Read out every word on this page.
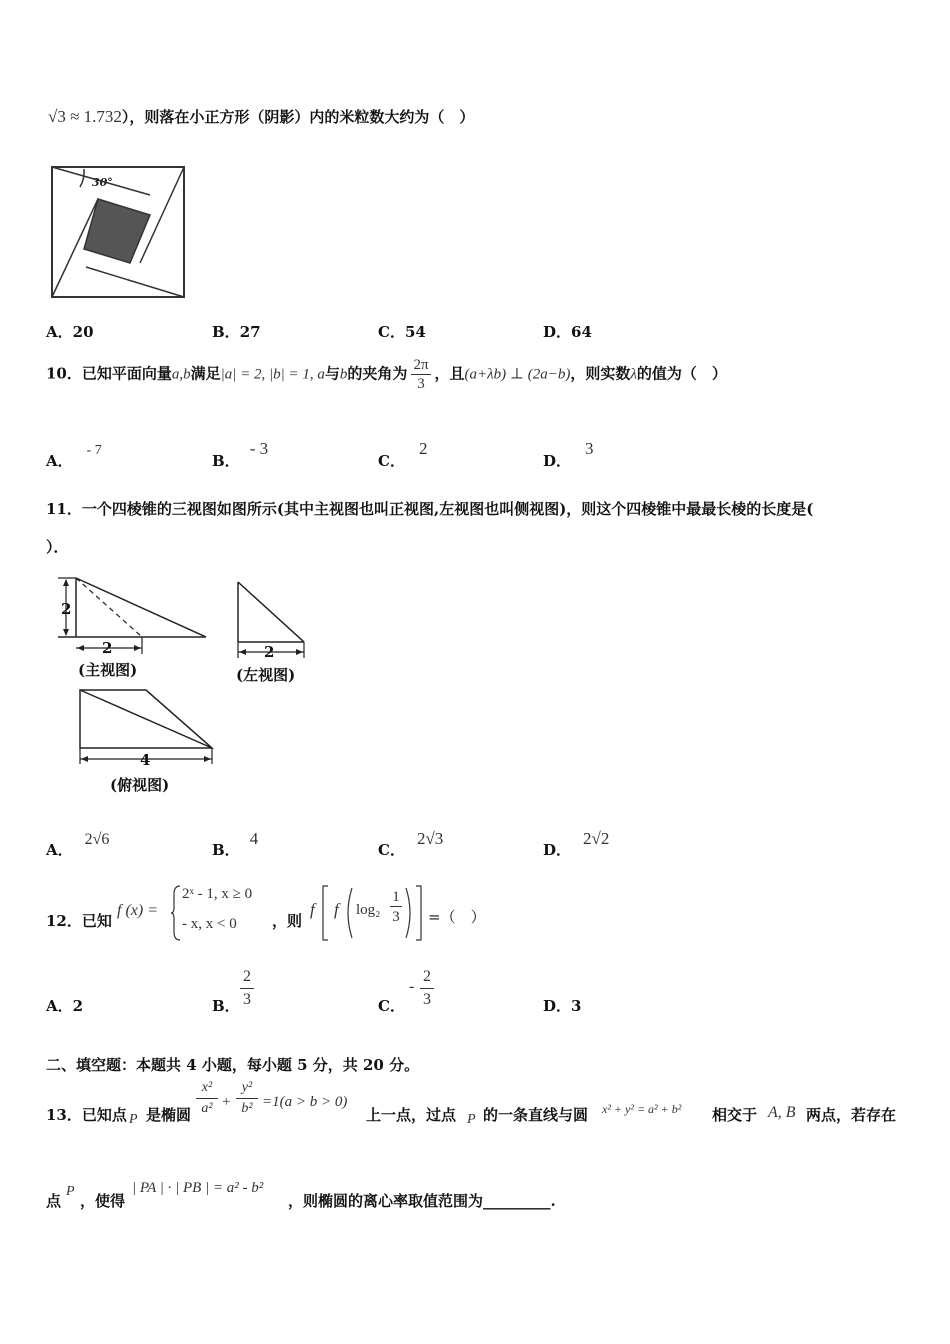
√3 ≈ 1.732），则落在小正方形（阴影）内的米粒数大约为（　）
30°
A．20	B．27	C．54	D．64
10．已知平面向量a,b满足|a| = 2, |b| = 1, a与b的夹角为 $\frac{2\pi}{3}$ ，且(a+λb) ⊥ (2a−b)，则实数λ的值为（　）
A．- 7
B．- 3
C．2
D．3
11．一个四棱锥的三视图如图所示(其中主视图也叫正视图,左视图也叫侧视图)，则这个四棱锥中最最长棱的长度是(
）．
2
2
(主视图)
2
(左视图)
4
(俯视图)
A．2√6
B．4
C．2√3
D．2√2
12．已知
f (x) =
2ˣ - 1, x ≥ 0
- x, x < 0 ，则
f f log₂
1
3 =（　）
A．2	B．
2
3	C．
-
2
3	D．3
二、填空题：本题共 4 小题，每小题 5 分，共 20 分。
13．已知点 P 是椭圆
x²
a² +
y²
b² =1(a > b > 0)
上一点，过点 P 的一条直线与圆 x² + y² = a² + b² 相交于 A, B 两点，若存在
点
P
，使得
| PA | · | PB | = a² - b²
，则椭圆的离心率取值范围为_________.
